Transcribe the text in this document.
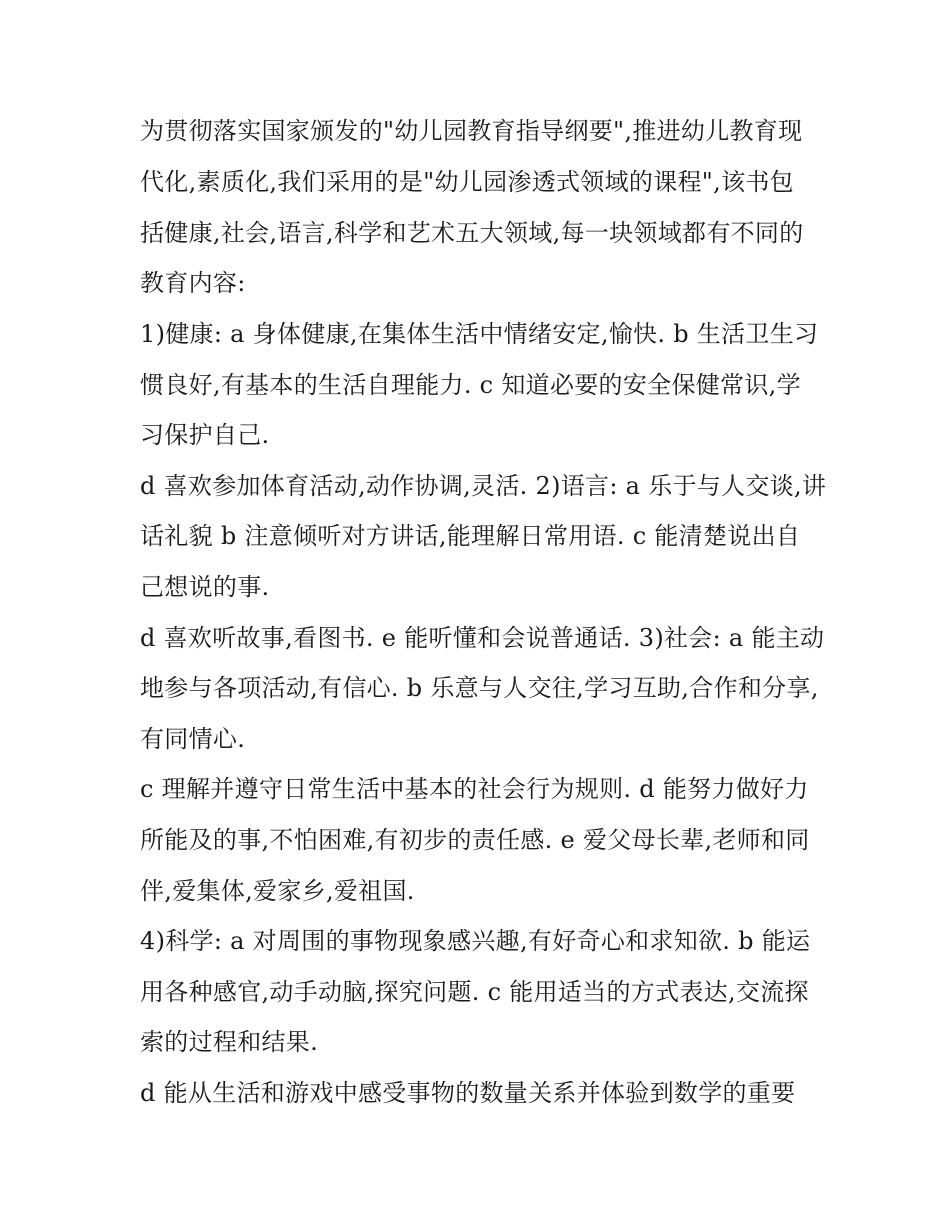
为贯彻落实国家颁发的"幼儿园教育指导纲要",推进幼儿教育现
代化,素质化,我们采用的是"幼儿园渗透式领域的课程",该书包
括健康,社会,语言,科学和艺术五大领域,每一块领域都有不同的
教育内容:
1)健康: a 身体健康,在集体生活中情绪安定,愉快. b 生活卫生习
惯良好,有基本的生活自理能力. c 知道必要的安全保健常识,学
习保护自己.
d 喜欢参加体育活动,动作协调,灵活. 2)语言: a 乐于与人交谈,讲
话礼貌 b 注意倾听对方讲话,能理解日常用语. c 能清楚说出自
己想说的事.
d 喜欢听故事,看图书. e 能听懂和会说普通话. 3)社会: a 能主动
地参与各项活动,有信心. b 乐意与人交往,学习互助,合作和分享,
有同情心.
c 理解并遵守日常生活中基本的社会行为规则. d 能努力做好力
所能及的事,不怕困难,有初步的责任感. e 爱父母长辈,老师和同
伴,爱集体,爱家乡,爱祖国.
4)科学: a 对周围的事物现象感兴趣,有好奇心和求知欲. b 能运
用各种感官,动手动脑,探究问题. c 能用适当的方式表达,交流探
索的过程和结果.
d 能从生活和游戏中感受事物的数量关系并体验到数学的重要
